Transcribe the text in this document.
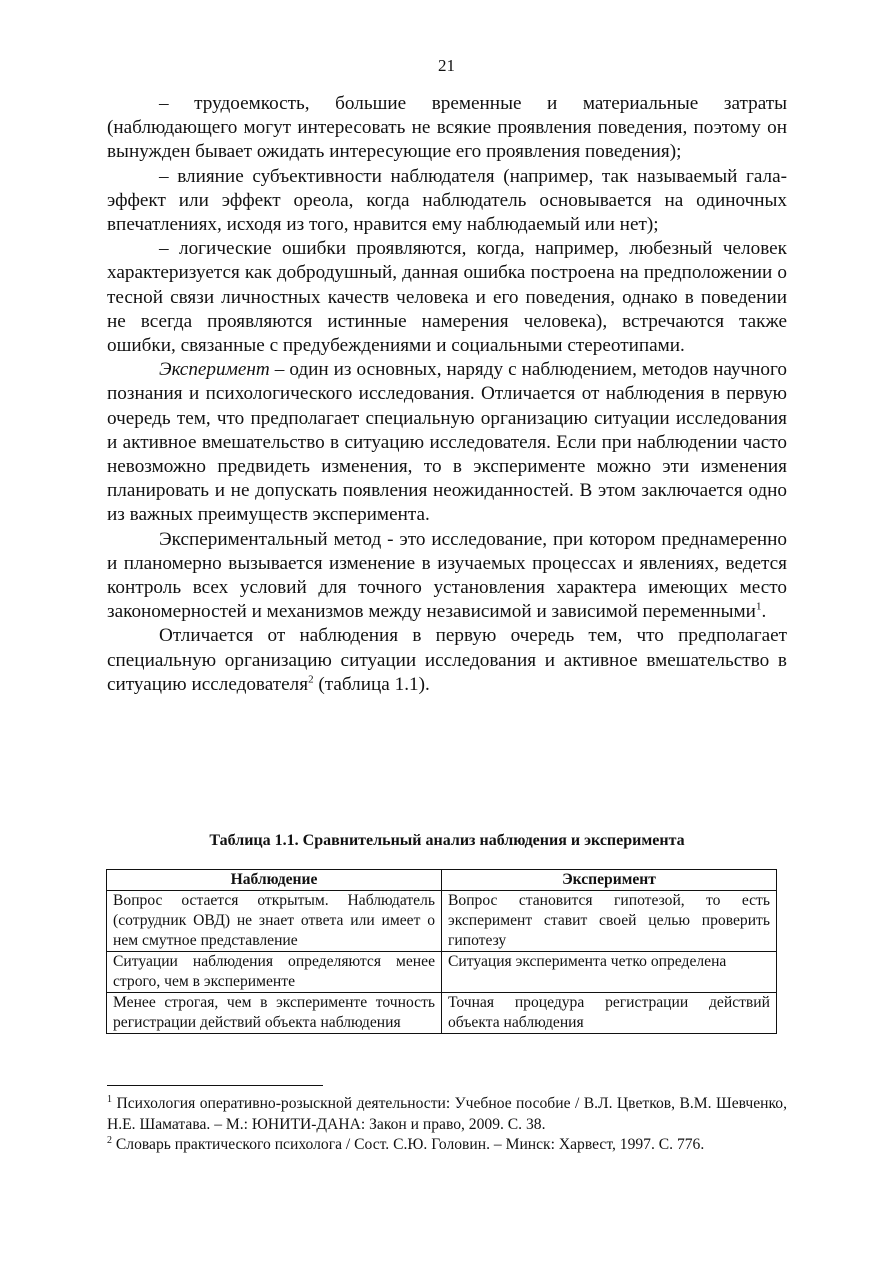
21

– трудоемкость, большие временные и материальные затраты (наблюдающего могут интересовать не всякие проявления поведения, поэтому он вынужден бывает ожидать интересующие его проявления поведения);

– влияние субъективности наблюдателя (например, так называемый гала-эффект или эффект ореола, когда наблюдатель основывается на одиночных впечатлениях, исходя из того, нравится ему наблюдаемый или нет);

– логические ошибки проявляются, когда, например, любезный человек характеризуется как добродушный, данная ошибка построена на предположении о тесной связи личностных качеств человека и его поведения, однако в поведении не всегда проявляются истинные намерения человека), встречаются также ошибки, связанные с предубеждениями и социальными стереотипами.

Эксперимент – один из основных, наряду с наблюдением, методов научного познания и психологического исследования. Отличается от наблюдения в первую очередь тем, что предполагает специальную организацию ситуации исследования и активное вмешательство в ситуацию исследователя. Если при наблюдении часто невозможно предвидеть изменения, то в эксперименте можно эти изменения планировать и не допускать появления неожиданностей. В этом заключается одно из важных преимуществ эксперимента.

Экспериментальный метод - это исследование, при котором преднамеренно и планомерно вызывается изменение в изучаемых процессах и явлениях, ведется контроль всех условий для точного установления характера имеющих место закономерностей и механизмов между независимой и зависимой переменными$^1$.

Отличается от наблюдения в первую очередь тем, что предполагает специальную организацию ситуации исследования и активное вмешательство в ситуацию исследователя$^2$ (таблица 1.1).

Таблица 1.1. Сравнительный анализ наблюдения и эксперимента
Наблюдение	Эксперимент
Вопрос остается открытым. Наблюдатель (сотрудник ОВД) не знает ответа или имеет о нем смутное представление	Вопрос становится гипотезой, то есть эксперимент ставит своей целью проверить гипотезу
Ситуации наблюдения определяются менее строго, чем в эксперименте	Ситуация эксперимента четко определена
Менее строгая, чем в эксперименте точность регистрации действий объекта наблюдения	Точная процедура регистрации действий объекта наблюдения

$^1$ Психология оперативно-розыскной деятельности: Учебное пособие / В.Л. Цветков, В.М. Шевченко, Н.Е. Шаматава. – М.: ЮНИТИ-ДАНА: Закон и право, 2009. С. 38.

$^2$ Словарь практического психолога / Сост. С.Ю. Головин. – Минск: Харвест, 1997. С. 776.
